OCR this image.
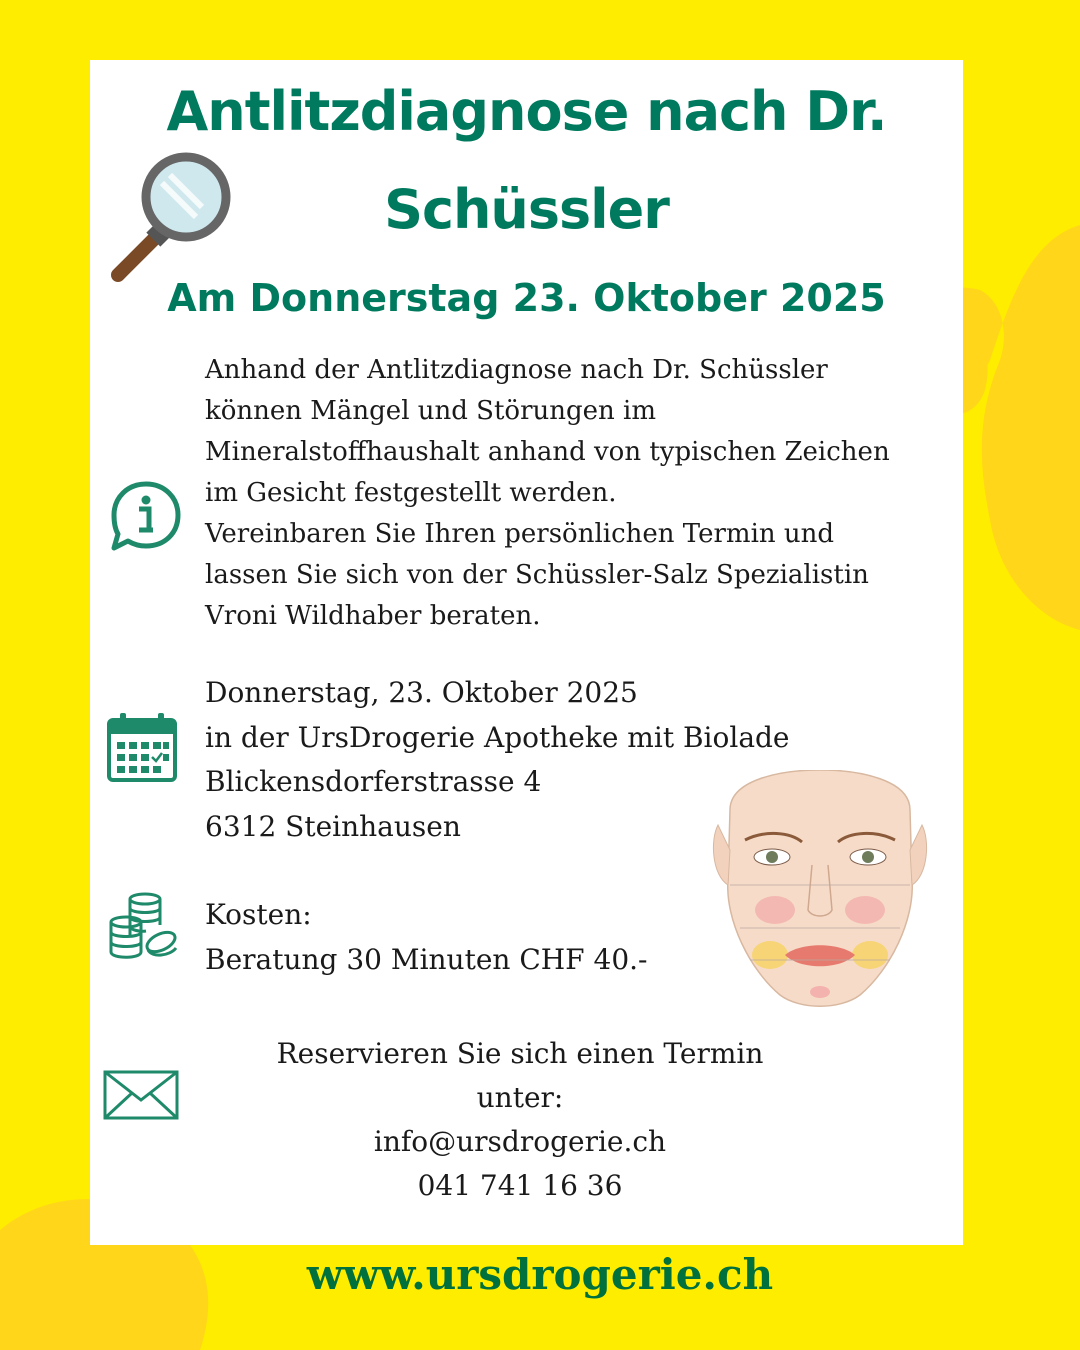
Antlitzdiagnose nach Dr.
Schüssler
Am Donnerstag 23. Oktober 2025
Anhand der Antlitzdiagnose nach Dr. Schüssler
können Mängel und Störungen im
Mineralstoffhaushalt anhand von typischen Zeichen
im Gesicht festgestellt werden.
Vereinbaren Sie Ihren persönlichen Termin und
lassen Sie sich von der Schüssler-Salz Spezialistin
Vroni Wildhaber beraten.
Donnerstag, 23. Oktober 2025
in der UrsDrogerie Apotheke mit Biolade
Blickensdorferstrasse 4
6312 Steinhausen
Kosten:
Beratung 30 Minuten CHF 40.-
Reservieren Sie sich einen Termin
unter:
info@ursdrogerie.ch
041 741 16 36
www.ursdrogerie.ch
